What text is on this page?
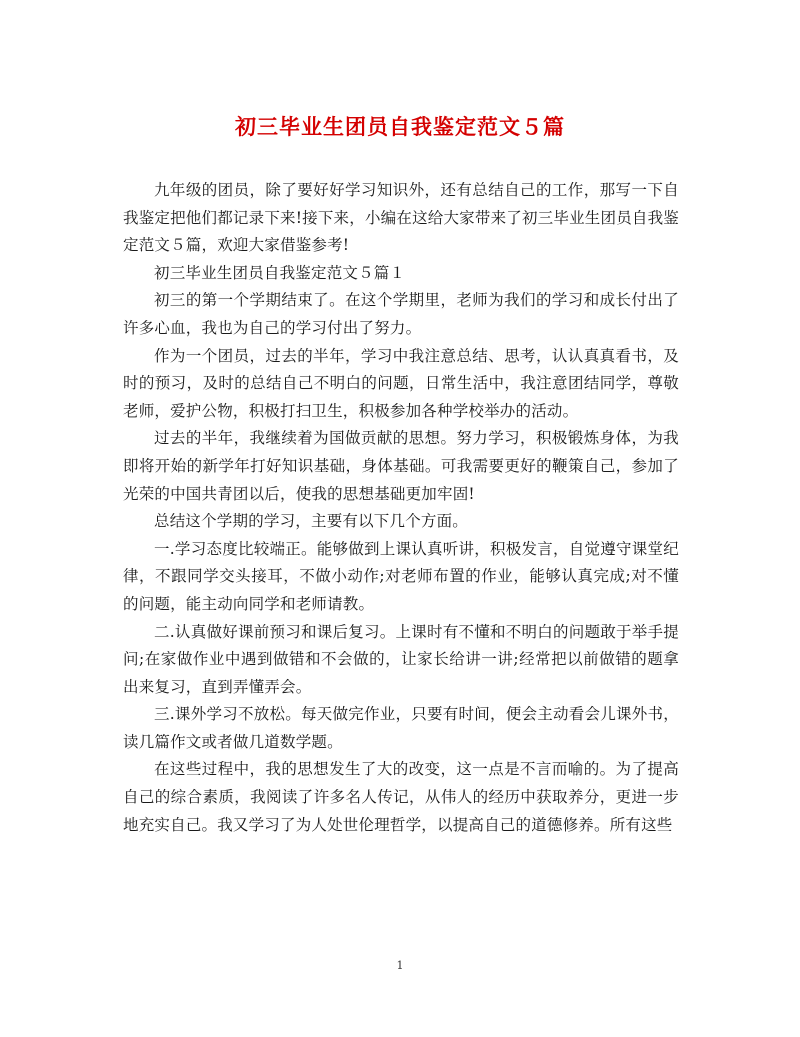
初三毕业生团员自我鉴定范文５篇

九年级的团员，除了要好好学习知识外，还有总结自己的工作，那写一下自我鉴定把他们都记录下来!接下来，小编在这给大家带来了初三毕业生团员自我鉴定范文５篇，欢迎大家借鉴参考!

初三毕业生团员自我鉴定范文５篇１

初三的第一个学期结束了。在这个学期里，老师为我们的学习和成长付出了许多心血，我也为自己的学习付出了努力。

作为一个团员，过去的半年，学习中我注意总结、思考，认认真真看书，及时的预习，及时的总结自己不明白的问题，日常生活中，我注意团结同学，尊敬老师，爱护公物，积极打扫卫生，积极参加各种学校举办的活动。

过去的半年，我继续着为国做贡献的思想。努力学习，积极锻炼身体，为我即将开始的新学年打好知识基础，身体基础。可我需要更好的鞭策自己，参加了光荣的中国共青团以后，使我的思想基础更加牢固!

总结这个学期的学习，主要有以下几个方面。

一.学习态度比较端正。能够做到上课认真听讲，积极发言，自觉遵守课堂纪律，不跟同学交头接耳，不做小动作;对老师布置的作业，能够认真完成;对不懂的问题，能主动向同学和老师请教。

二.认真做好课前预习和课后复习。上课时有不懂和不明白的问题敢于举手提问;在家做作业中遇到做错和不会做的，让家长给讲一讲;经常把以前做错的题拿出来复习，直到弄懂弄会。

三.课外学习不放松。每天做完作业，只要有时间，便会主动看会儿课外书，读几篇作文或者做几道数学题。

在这些过程中，我的思想发生了大的改变，这一点是不言而喻的。为了提高自己的综合素质，我阅读了许多名人传记，从伟人的经历中获取养分，更进一步地充实自己。我又学习了为人处世伦理哲学，以提高自己的道德修养。所有这些

1
